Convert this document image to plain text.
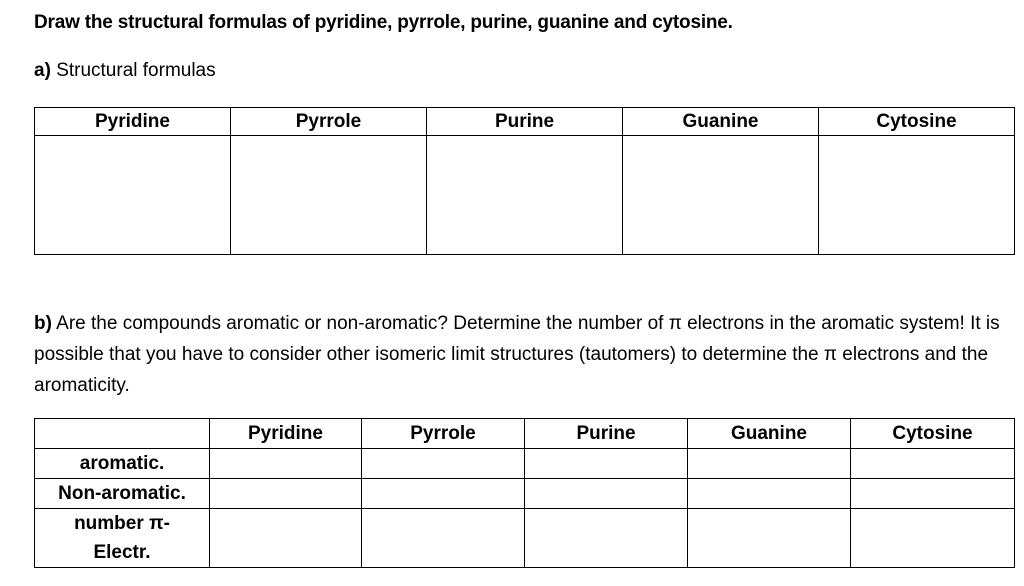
Draw the structural formulas of pyridine, pyrrole, purine, guanine and cytosine.
a) Structural formulas
Pyridine	Pyrrole	Purine	Guanine	Cytosine

b) Are the compounds aromatic or non-aromatic? Determine the number of π electrons in the aromatic system! It is possible that you have to consider other isomeric limit structures (tautomers) to determine the π electrons and the aromaticity.
	Pyridine	Pyrrole	Purine	Guanine	Cytosine
aromatic.					
Non-aromatic.					
number π-
Electr.					
